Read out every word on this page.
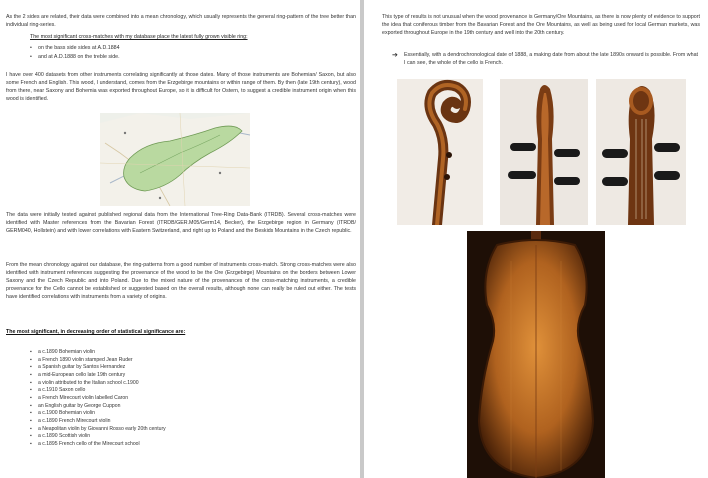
As the 2 sides are related, their data were combined into a mean chronology, which usually represents the general ring-pattern of the tree better than individual ring-series.

The most significant cross-matches with my database place the latest fully grown visible ring:

• on the bass side sides at A.D.1884
• and at A.D.1888 on the treble side.

I have over 400 datasets from other instruments correlating significantly at those dates. Many of those instruments are Bohemian/ Saxon, but also some French and English. This wood, I understand, comes from the Erzgebirge mountains or within range of them. By then (late 19th century), wood from there, near Saxony and Bohemia was exported throughout Europe, so it is difficult for Ostern, to suggest a credible instrument origin when this wood is identified.

The data were initially tested against published regional data from the International Tree-Ring Data-Bank (ITRDB). Several cross-matches were identified with Master references from the Bavarian Forest (ITRDB/GER.M05/Germ14, Becker), the Erzgebirge region in Germany (ITRDB/ GERM040, Hollstein) and with lower correlations with Eastern Switzerland, and right up to Poland and the Beskids Mountains in the Czech republic.

From the mean chronology against our database, the ring-patterns from a good number of instruments cross-match. Strong cross-matches were also identified with instrument references suggesting the provenance of the wood to be the Ore (Erzgebirge) Mountains on the borders between Lower Saxony and the Czech Republic and into Poland. Due to the mixed nature of the provenances of the cross-matching instruments, a credible provenance for the Cello cannot be established or suggested based on the overall results, although none can really be ruled out either. The tests have identified correlations with instruments from a variety of origins.

The most significant, in decreasing order of statistical significance are:

▪ a c.1890 Bohemian violin
▪ a French 1890 violin stamped Jean Ruder
▪ a Spanish guitar by Santos Hernandez
▪ a mid-European cello late 19th century
▪ a violin attributed to the Italian school c.1900
▪ a c.1910 Saxon cello
▪ a French Mirecourt violin labelled Caron
▪ an English guitar by George Cuppon
▪ a c.1900 Bohemian violin
▪ a c.1890 French Mirecourt violin
▪ a Neapolitan violin by Giovanni Rosso early 20th century
▪ a c.1890 Scottish violin
▪ a c.1895 French cello of the Mirecourt school

This type of results is not unusual when the wood provenance is Germany/Ore Mountains, as there is now plenty of evidence to support the idea that coniferous timber from the Bavarian Forest and the Ore Mountains, as well as being used for local German markets, was exported throughout Europe in the 19th century and well into the 20th century.

➔ Essentially, with a dendrochronological date of 1888, a making date from about the late 1890s onward is possible. From what I can see, the whole of the cello is French.
